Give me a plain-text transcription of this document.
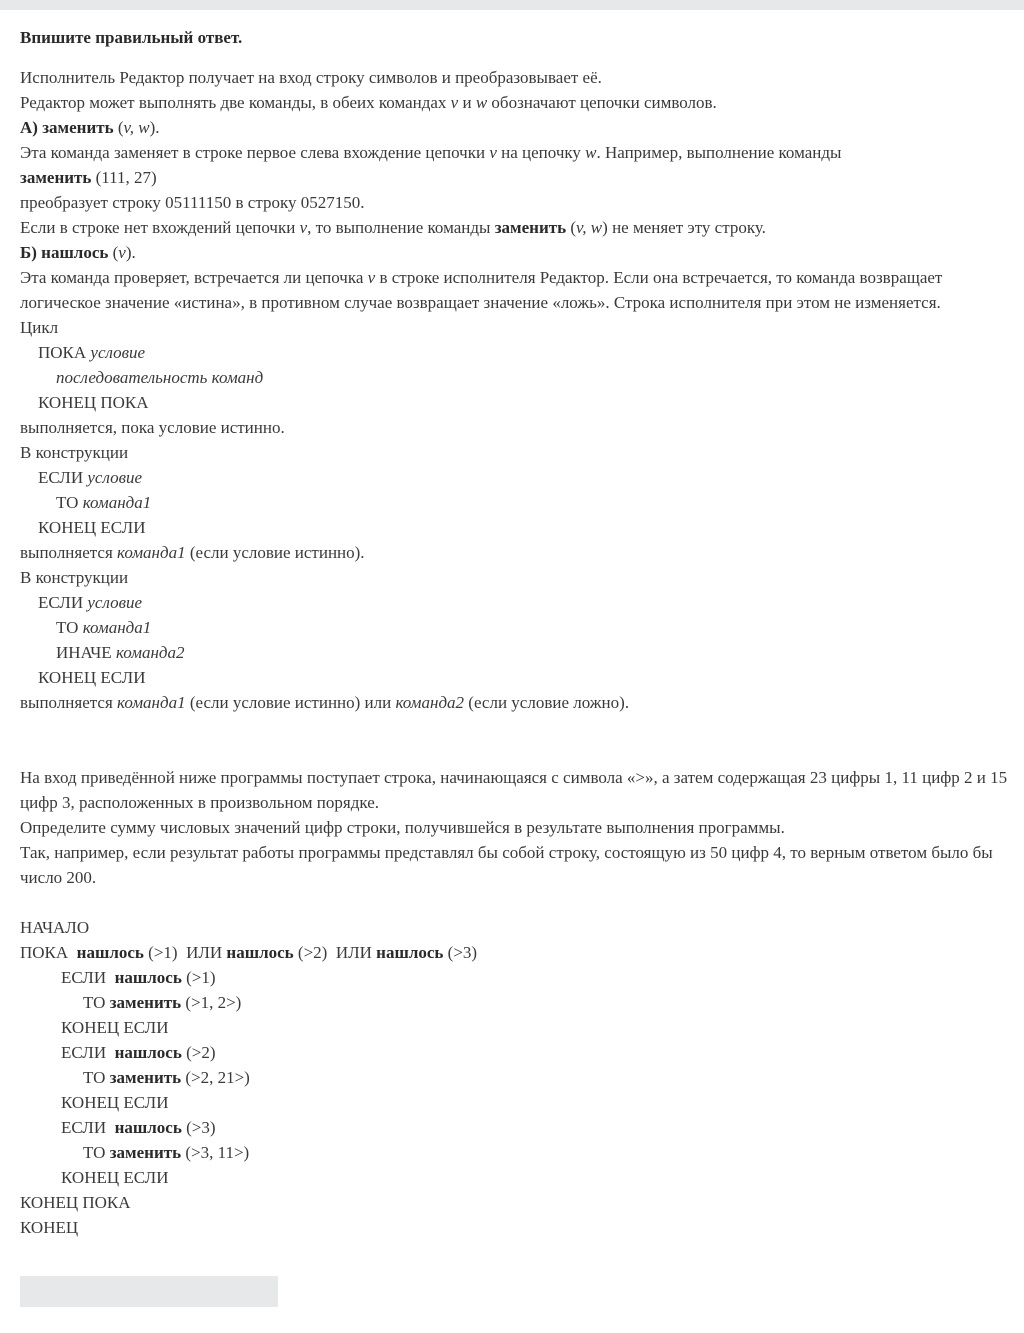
Впишите правильный ответ.
Исполнитель Редактор получает на вход строку символов и преобразовывает её.
Редактор может выполнять две команды, в обеих командах v и w обозначают цепочки символов.
А) заменить (v, w).
Эта команда заменяет в строке первое слева вхождение цепочки v на цепочку w. Например, выполнение команды
заменить (111, 27)
преобразует строку 05111150 в строку 0527150.
Если в строке нет вхождений цепочки v, то выполнение команды заменить (v, w) не меняет эту строку.
Б) нашлось (v).
Эта команда проверяет, встречается ли цепочка v в строке исполнителя Редактор. Если она встречается, то команда возвращает логическое значение «истина», в противном случае возвращает значение «ложь». Строка исполнителя при этом не изменяется.
Цикл
ПОКА условие
последовательность команд
КОНЕЦ ПОКА
выполняется, пока условие истинно.
В конструкции
ЕСЛИ условие
ТО команда1
КОНЕЦ ЕСЛИ
выполняется команда1 (если условие истинно).
В конструкции
ЕСЛИ условие
ТО команда1
ИНАЧЕ команда2
КОНЕЦ ЕСЛИ
выполняется команда1 (если условие истинно) или команда2 (если условие ложно).
На вход приведённой ниже программы поступает строка, начинающаяся с символа «>», а затем содержащая 23 цифры 1, 11 цифр 2 и 15 цифр 3, расположенных в произвольном порядке.
Определите сумму числовых значений цифр строки, получившейся в результате выполнения программы.
Так, например, если результат работы программы представлял бы собой строку, состоящую из 50 цифр 4, то верным ответом было бы число 200.
НАЧАЛО
ПОКА  нашлось (>1)  ИЛИ нашлось (>2)  ИЛИ нашлось (>3)
ЕСЛИ  нашлось (>1)
ТО заменить (>1, 2>)
КОНЕЦ ЕСЛИ
ЕСЛИ  нашлось (>2)
ТО заменить (>2, 21>)
КОНЕЦ ЕСЛИ
ЕСЛИ  нашлось (>3)
ТО заменить (>3, 11>)
КОНЕЦ ЕСЛИ
КОНЕЦ ПОКА
КОНЕЦ
